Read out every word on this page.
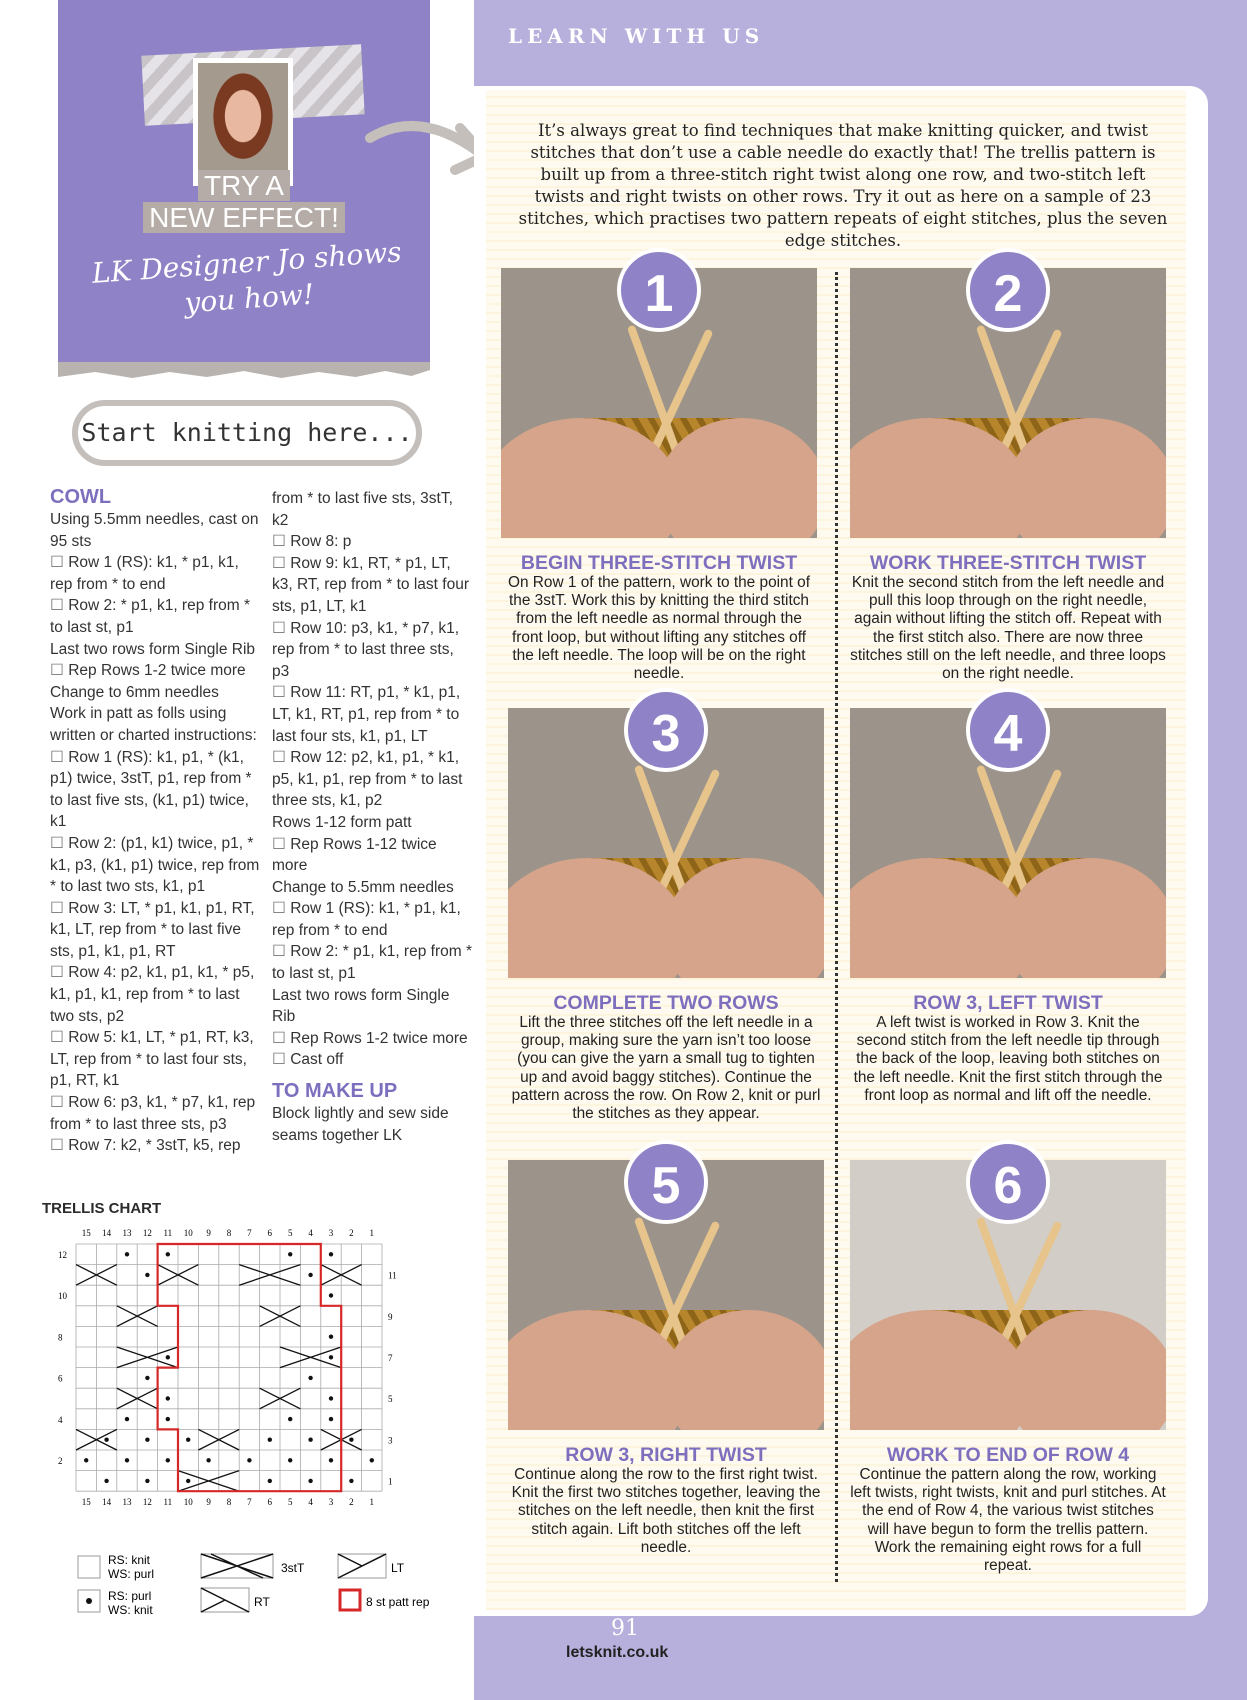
TRY A
NEW EFFECT!
LK Designer Jo shows you how!
Start knitting here...
COWL
Using 5.5mm needles, cast on 95 sts
☐ Row 1 (RS): k1, * p1, k1, rep from * to end
☐ Row 2: * p1, k1, rep from * to last st, p1
Last two rows form Single Rib
☐ Rep Rows 1-2 twice more
Change to 6mm needles
Work in patt as folls using written or charted instructions:
☐ Row 1 (RS): k1, p1, * (k1, p1) twice, 3stT, p1, rep from * to last five sts, (k1, p1) twice, k1
☐ Row 2: (p1, k1) twice, p1, * k1, p3, (k1, p1) twice, rep from * to last two sts, k1, p1
☐ Row 3: LT, * p1, k1, p1, RT, k1, LT, rep from * to last five sts, p1, k1, p1, RT
☐ Row 4: p2, k1, p1, k1, * p5, k1, p1, k1, rep from * to last two sts, p2
☐ Row 5: k1, LT, * p1, RT, k3, LT, rep from * to last four sts, p1, RT, k1
☐ Row 6: p3, k1, * p7, k1, rep from * to last three sts, p3
☐ Row 7: k2, * 3stT, k5, rep
from * to last five sts, 3stT, k2
☐ Row 8: p
☐ Row 9: k1, RT, * p1, LT, k3, RT, rep from * to last four sts, p1, LT, k1
☐ Row 10: p3, k1, * p7, k1, rep from * to last three sts, p3
☐ Row 11: RT, p1, * k1, p1, LT, k1, RT, p1, rep from * to last four sts, k1, p1, LT
☐ Row 12: p2, k1, p1, * k1, p5, k1, p1, rep from * to last three sts, k1, p2
Rows 1-12 form patt
☐ Rep Rows 1-12 twice more
Change to 5.5mm needles
☐ Row 1 (RS): k1, * p1, k1, rep from * to end
☐ Row 2: * p1, k1, rep from * to last st, p1
Last two rows form Single Rib
☐ Rep Rows 1-2 twice more
☐ Cast off
TO MAKE UP
Block lightly and sew side seams together LK
TRELLIS CHART
15
15
14
14
13
13
12
12
11
11
10
10
9
9
8
8
7
7
6
6
5
5
4
4
3
3
2
2
1
1
12
10
8
6
4
2
11
9
7
5
3
1
RS: knit
WS: purl
RS: purl
WS: knit
3stT
RT
LT
8 st patt rep
LEARN WITH US
It’s always great to find techniques that make knitting quicker, and twist stitches that don’t use a cable needle do exactly that! The trellis pattern is built up from a three-stitch right twist along one row, and two-stitch left twists and right twists on other rows. Try it out as here on a sample of 23 stitches, which practises two pattern repeats of eight stitches, plus the seven edge stitches.
BEGIN THREE-STITCH TWIST

On Row 1 of the pattern, work to the point of the 3stT. Work this by knitting the third stitch from the left needle as normal through the front loop, but without lifting any stitches off the left needle. The loop will be on the right needle.

1
WORK THREE-STITCH TWIST

Knit the second stitch from the left needle and pull this loop through on the right needle, again without lifting the stitch off. Repeat with the first stitch also. There are now three stitches still on the left needle, and three loops on the right needle.

2
COMPLETE TWO ROWS

Lift the three stitches off the left needle in a group, making sure the yarn isn’t too loose (you can give the yarn a small tug to tighten up and avoid baggy stitches). Continue the pattern across the row. On Row 2, knit or purl the stitches as they appear.

3
ROW 3, LEFT TWIST

A left twist is worked in Row 3. Knit the second stitch from the left needle tip through the back of the loop, leaving both stitches on the left needle. Knit the first stitch through the front loop as normal and lift off the needle.

4
ROW 3, RIGHT TWIST

Continue along the row to the first right twist. Knit the first two stitches together, leaving the stitches on the left needle, then knit the first stitch again. Lift both stitches off the left needle.

5
WORK TO END OF ROW 4

Continue the pattern along the row, working left twists, right twists, knit and purl stitches. At the end of Row 4, the various twist stitches will have begun to form the trellis pattern. Work the remaining eight rows for a full repeat.

6
91
letsknit.co.uk
